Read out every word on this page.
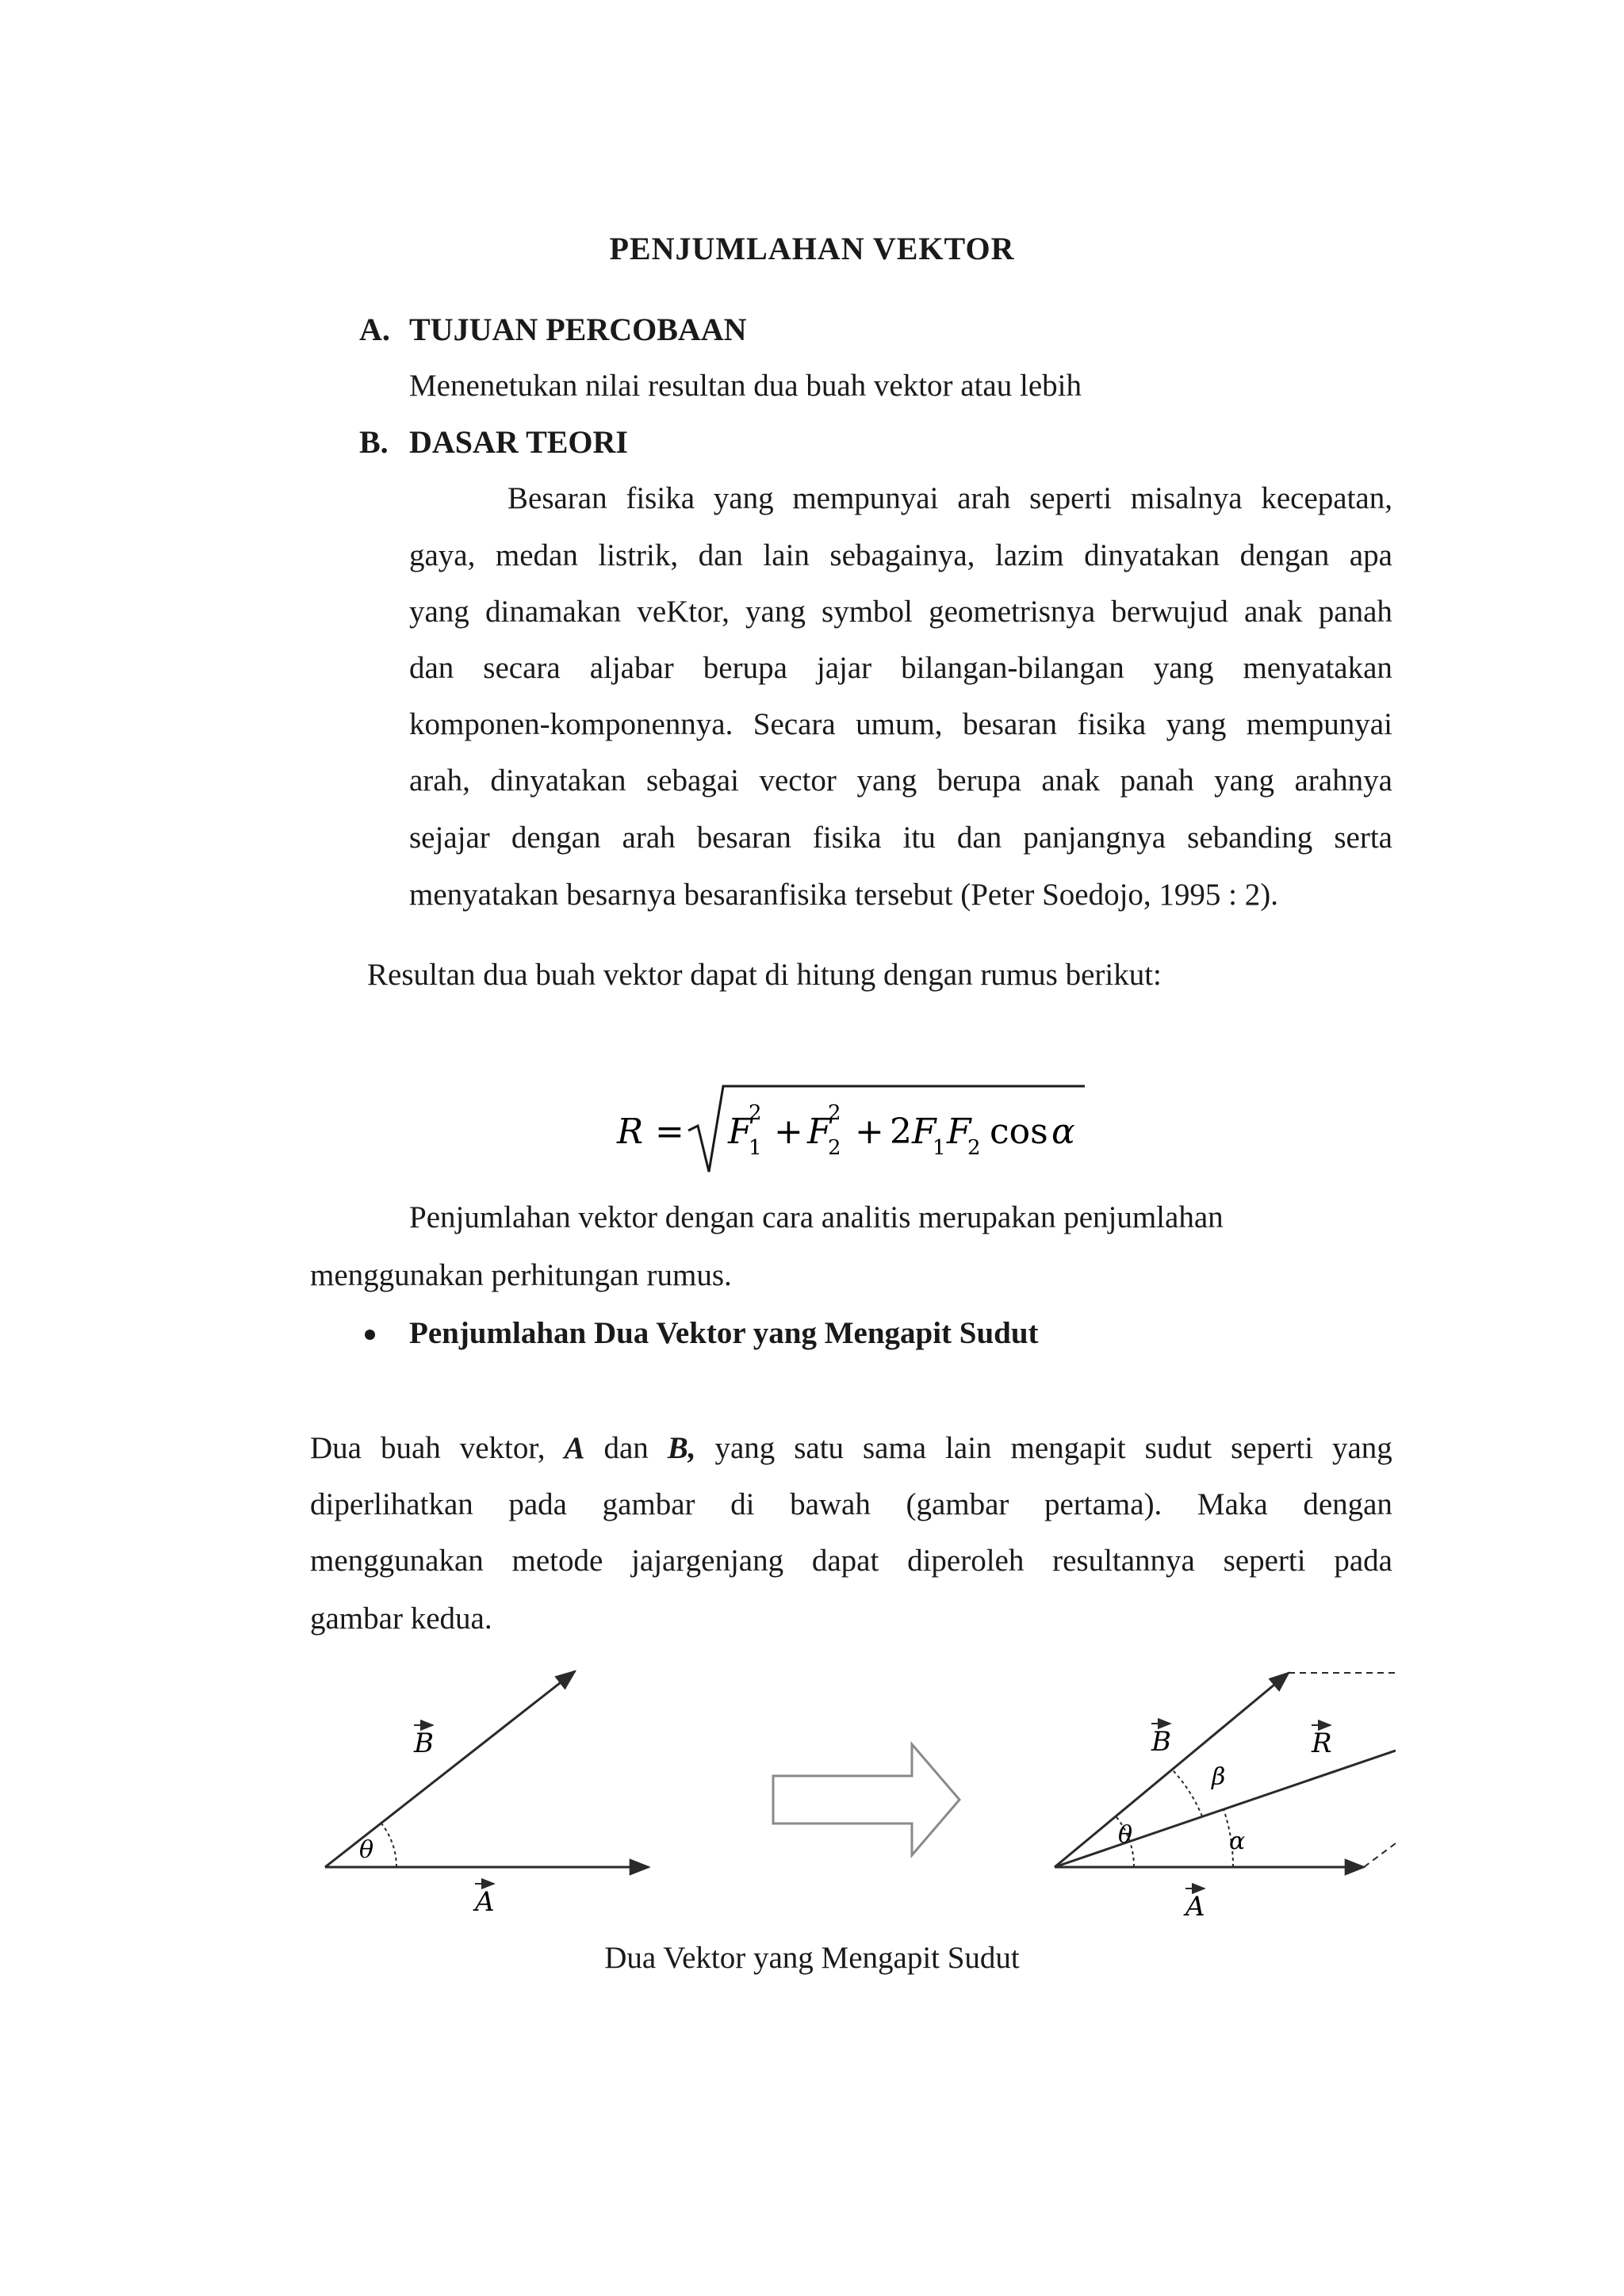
PENJUMLAHAN VEKTOR
A. TUJUAN PERCOBAAN
Menenetukan nilai resultan dua buah vektor atau lebih
B. DASAR TEORI
Besaran fisika yang mempunyai arah seperti misalnya kecepatan,
gaya, medan listrik, dan lain sebagainya, lazim dinyatakan dengan apa
yang dinamakan veKtor, yang symbol geometrisnya berwujud anak panah
dan secara aljabar berupa jajar bilangan-bilangan yang menyatakan
komponen-komponennya. Secara umum, besaran fisika yang mempunyai
arah, dinyatakan sebagai vector yang berupa anak panah yang arahnya
sejajar dengan arah besaran fisika itu dan panjangnya sebanding serta
menyatakan besarnya besaranfisika tersebut (Peter Soedojo, 1995 : 2).
Resultan dua buah vektor dapat di hitung dengan rumus berikut:
R = F
2
1 + F
2
2 + 2 F
1 F
2 cos α
Penjumlahan vektor dengan cara analitis merupakan penjumlahan
menggunakan perhitungan rumus.
Penjumlahan Dua Vektor yang Mengapit Sudut
Dua buah vektor, A dan B, yang satu sama lain mengapit sudut seperti yang
diperlihatkan pada gambar di bawah (gambar pertama). Maka dengan
menggunakan metode jajargenjang dapat diperoleh resultannya seperti pada
gambar kedua.
θ
B
A
θ
β
α
B	R
A
Dua Vektor yang Mengapit Sudut
